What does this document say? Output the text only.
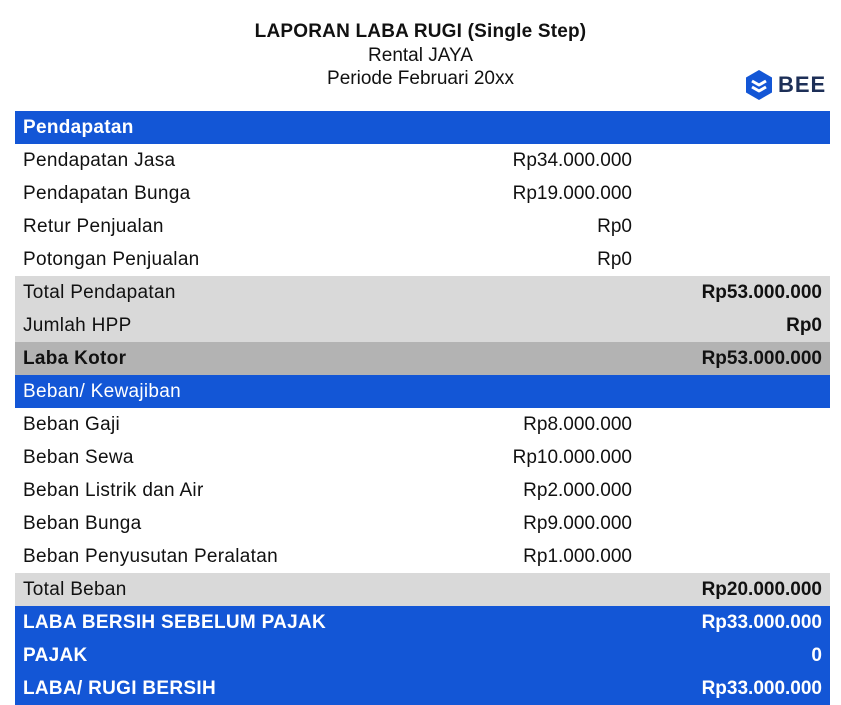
LAPORAN LABA RUGI (Single Step)
Rental JAYA
Periode Februari 20xx	BEE
Pendapatan
Pendapatan Jasa	Rp34.000.000
Pendapatan Bunga	Rp19.000.000
Retur Penjualan	Rp0
Potongan Penjualan	Rp0
Total Pendapatan	Rp53.000.000
Jumlah HPP	Rp0
Laba Kotor	Rp53.000.000
Beban/ Kewajiban
Beban Gaji	Rp8.000.000
Beban Sewa	Rp10.000.000
Beban Listrik dan Air	Rp2.000.000
Beban Bunga	Rp9.000.000
Beban Penyusutan Peralatan	Rp1.000.000
Total Beban	Rp20.000.000
LABA BERSIH SEBELUM PAJAK	Rp33.000.000
PAJAK	0
LABA/ RUGI BERSIH	Rp33.000.000
